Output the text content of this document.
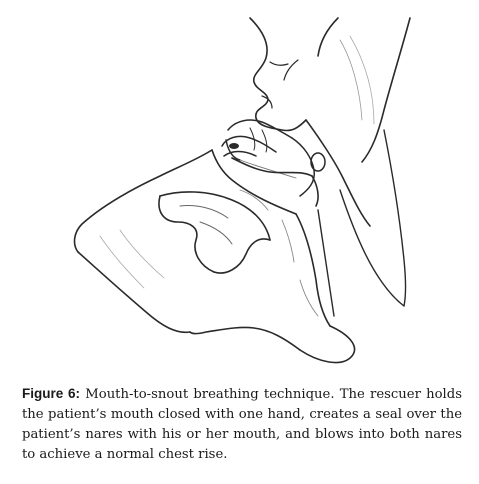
Figure 6: Mouth-to-snout breathing technique. The rescuer holds the patient’s mouth closed with one hand, creates a seal over the patient’s nares with his or her mouth, and blows into both nares to achieve a normal chest rise.
